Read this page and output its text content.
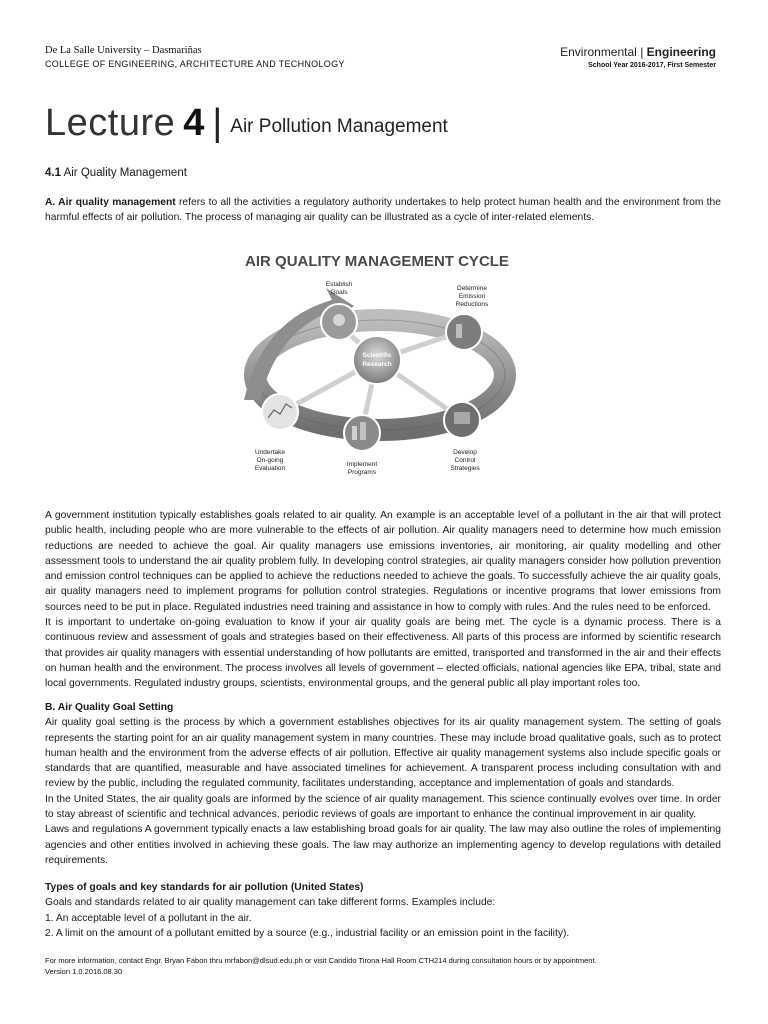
De La Salle University – Dasmariñas
COLLEGE OF ENGINEERING, ARCHITECTURE AND TECHNOLOGY
Environmental | Engineering
School Year 2016-2017, First Semester
Lecture 4 | Air Pollution Management
4.1 Air Quality Management
A. Air quality management refers to all the activities a regulatory authority undertakes to help protect human health and the environment from the harmful effects of air pollution. The process of managing air quality can be illustrated as a cycle of inter-related elements.
AIR QUALITY MANAGEMENT CYCLE
Scientific
Research
Establish
Goals
Determine
Emission
Reductions
Develop
Control
Strategies
Implement
Programs
Undertake
On-going
Evaluation
A government institution typically establishes goals related to air quality. An example is an acceptable level of a pollutant in the air that will protect public health, including people who are more vulnerable to the effects of air pollution. Air quality managers need to determine how much emission reductions are needed to achieve the goal. Air quality managers use emissions inventories, air monitoring, air quality modelling and other assessment tools to understand the air quality problem fully. In developing control strategies, air quality managers consider how pollution prevention and emission control techniques can be applied to achieve the reductions needed to achieve the goals. To successfully achieve the air quality goals, air quality managers need to implement programs for pollution control strategies. Regulations or incentive programs that lower emissions from sources need to be put in place. Regulated industries need training and assistance in how to comply with rules. And the rules need to be enforced.
It is important to undertake on-going evaluation to know if your air quality goals are being met. The cycle is a dynamic process. There is a continuous review and assessment of goals and strategies based on their effectiveness. All parts of this process are informed by scientific research that provides air quality managers with essential understanding of how pollutants are emitted, transported and transformed in the air and their effects on human health and the environment. The process involves all levels of government – elected officials, national agencies like EPA, tribal, state and local governments. Regulated industry groups, scientists, environmental groups, and the general public all play important roles too.
B. Air Quality Goal Setting
Air quality goal setting is the process by which a government establishes objectives for its air quality management system. The setting of goals represents the starting point for an air quality management system in many countries. These may include broad qualitative goals, such as to protect human health and the environment from the adverse effects of air pollution. Effective air quality management systems also include specific goals or standards that are quantified, measurable and have associated timelines for achievement. A transparent process including consultation with and review by the public, including the regulated community, facilitates understanding, acceptance and implementation of goals and standards.
In the United States, the air quality goals are informed by the science of air quality management. This science continually evolves over time. In order to stay abreast of scientific and technical advances, periodic reviews of goals are important to enhance the continual improvement in air quality.
Laws and regulations A government typically enacts a law establishing broad goals for air quality. The law may also outline the roles of implementing agencies and other entities involved in achieving these goals. The law may authorize an implementing agency to develop regulations with detailed requirements.
Types of goals and key standards for air pollution (United States)
Goals and standards related to air quality management can take different forms. Examples include:
1. An acceptable level of a pollutant in the air.
2. A limit on the amount of a pollutant emitted by a source (e.g., industrial facility or an emission point in the facility).
For more information, contact Engr. Bryan Fabon thru mrfabon@dlsud.edu.ph or visit Candido Tirona Hall Room CTH214 during consultation hours or by appointment.
Version 1.0.2016.08.30
